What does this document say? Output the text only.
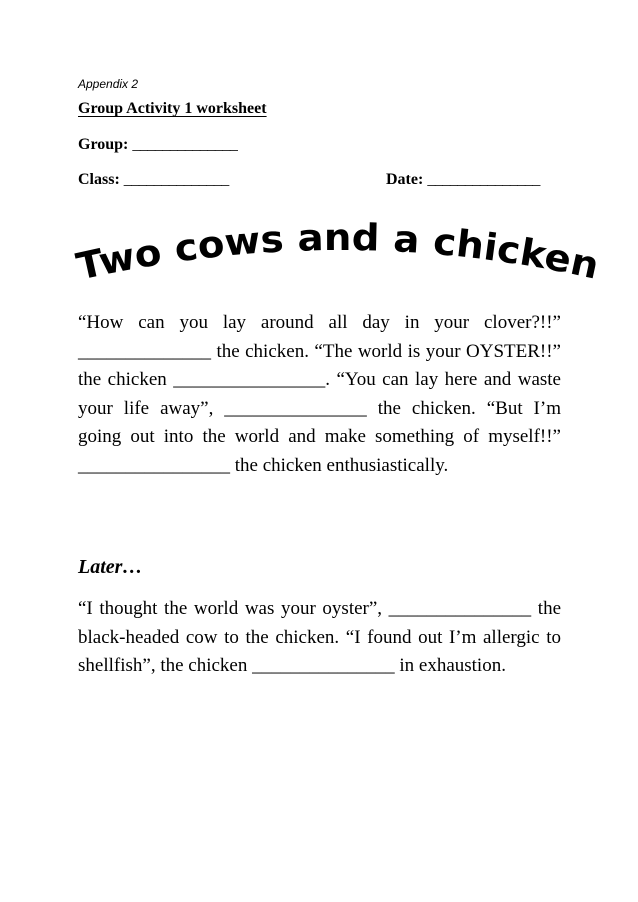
Appendix 2
Group Activity 1 worksheet
Group: ______________
Class: ______________	Date: _______________
Two cows and a chicken
“How can you lay around all day in your clover?!!” ______________ the chicken. “The world is your OYSTER!!” the chicken ________________. “You can lay here and waste your life away”, _______________ the chicken. “But I’m going out into the world and make something of myself!!” ________________ the chicken enthusiastically.
Later…
“I thought the world was your oyster”, _______________ the black-headed cow to the chicken. “I found out I’m allergic to shellfish”, the chicken _______________ in exhaustion.
